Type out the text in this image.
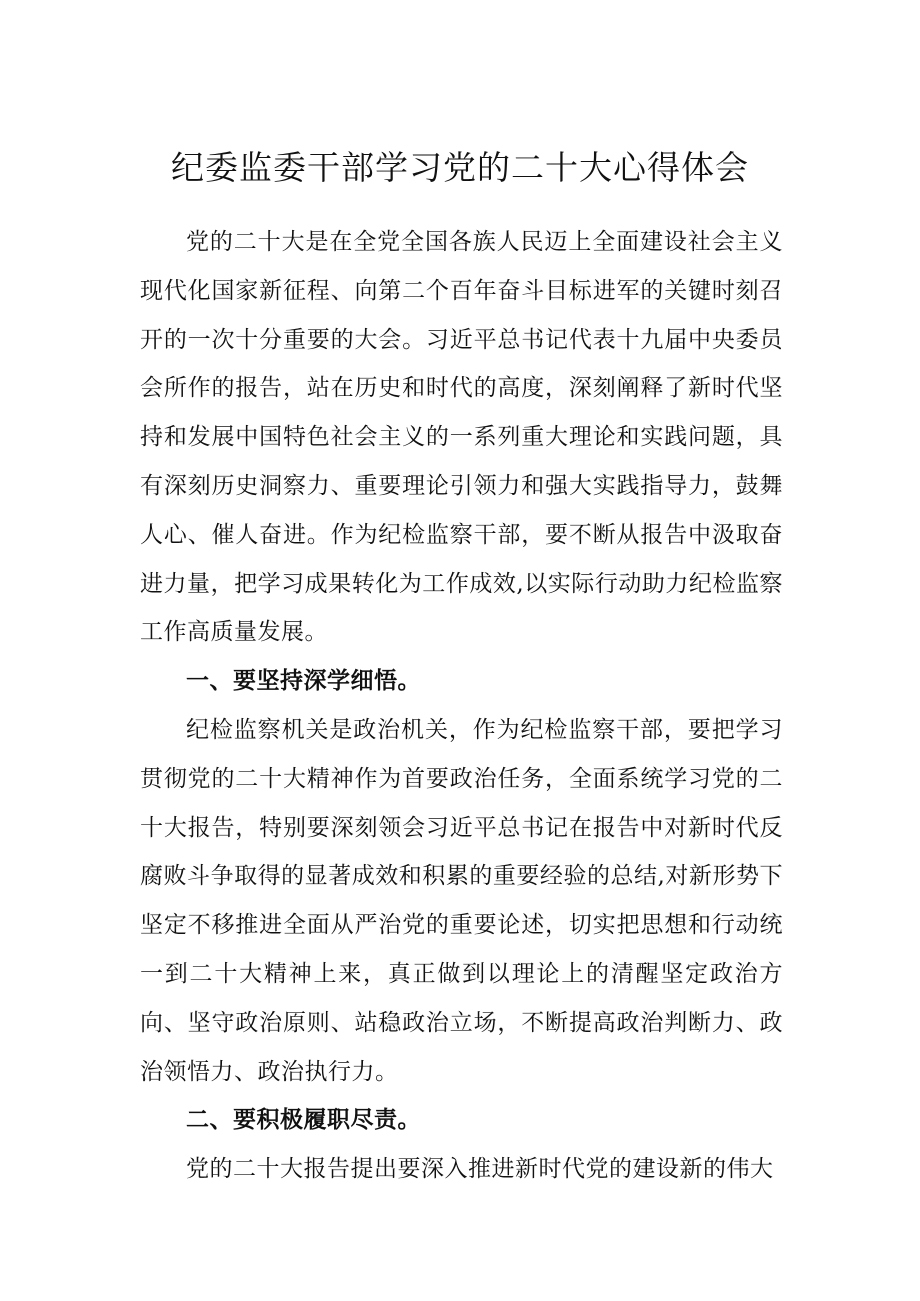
纪委监委干部学习党的二十大心得体会

党的二十大是在全党全国各族人民迈上全面建设社会主义现代化国家新征程、向第二个百年奋斗目标进军的关键时刻召开的一次十分重要的大会。习近平总书记代表十九届中央委员会所作的报告，站在历史和时代的高度，深刻阐释了新时代坚持和发展中国特色社会主义的一系列重大理论和实践问题，具有深刻历史洞察力、重要理论引领力和强大实践指导力，鼓舞人心、催人奋进。作为纪检监察干部，要不断从报告中汲取奋进力量，把学习成果转化为工作成效,以实际行动助力纪检监察工作高质量发展。

一、要坚持深学细悟。

纪检监察机关是政治机关，作为纪检监察干部，要把学习贯彻党的二十大精神作为首要政治任务，全面系统学习党的二十大报告，特别要深刻领会习近平总书记在报告中对新时代反腐败斗争取得的显著成效和积累的重要经验的总结,对新形势下坚定不移推进全面从严治党的重要论述，切实把思想和行动统一到二十大精神上来，真正做到以理论上的清醒坚定政治方向、坚守政治原则、站稳政治立场，不断提高政治判断力、政治领悟力、政治执行力。

二、要积极履职尽责。

党的二十大报告提出要深入推进新时代党的建设新的伟大
